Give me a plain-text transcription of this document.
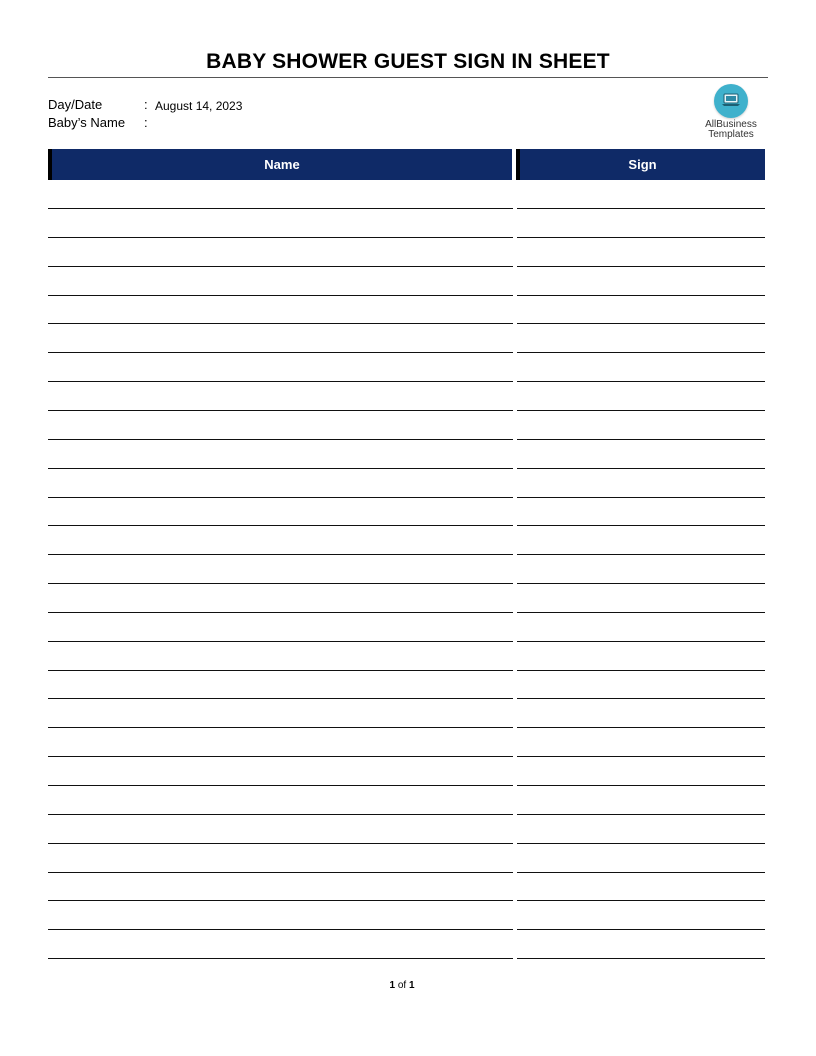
BABY SHOWER GUEST SIGN IN SHEET
Day/Date	: August 14, 2023
Baby’s Name :	AllBusiness
Templates
Name	Sign
1 of 1
